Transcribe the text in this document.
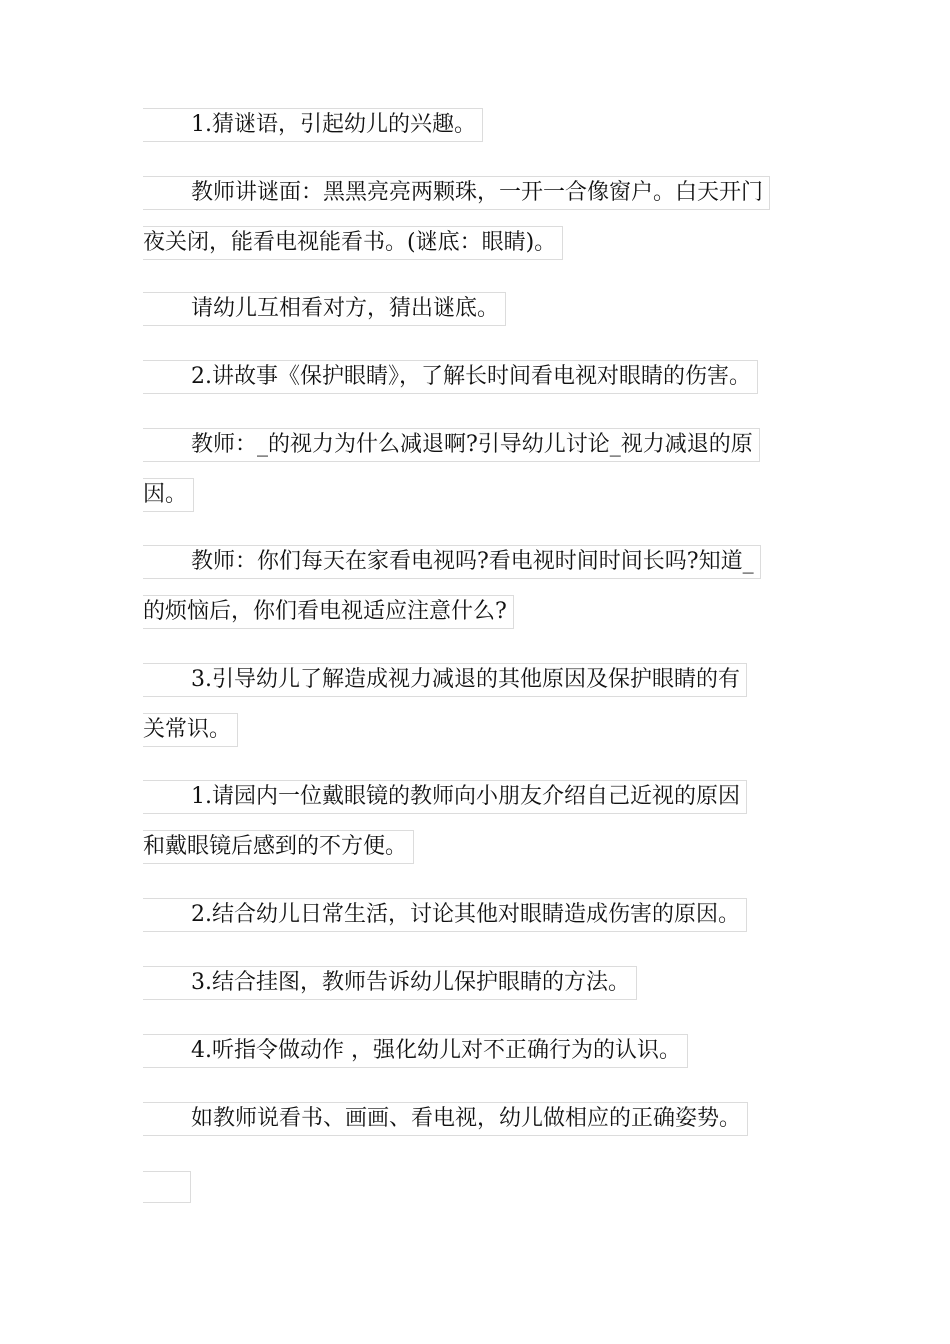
1.猜谜语，引起幼儿的兴趣。
教师讲谜面：黑黑亮亮两颗珠，一开一合像窗户。白天开门
夜关闭，能看电视能看书。(谜底：眼睛)。
请幼儿互相看对方，猜出谜底。
2.讲故事《保护眼睛》，了解长时间看电视对眼睛的伤害。
教师：_的视力为什么减退啊?引导幼儿讨论_视力减退的原
因。
教师：你们每天在家看电视吗?看电视时间时间长吗?知道_
的烦恼后，你们看电视适应注意什么?
3.引导幼儿了解造成视力减退的其他原因及保护眼睛的有
关常识。
1.请园内一位戴眼镜的教师向小朋友介绍自己近视的原因
和戴眼镜后感到的不方便。
2.结合幼儿日常生活，讨论其他对眼睛造成伤害的原因。
3.结合挂图，教师告诉幼儿保护眼睛的方法。
4.听指令做动作 ，强化幼儿对不正确行为的认识。
如教师说看书、画画、看电视，幼儿做相应的正确姿势。
